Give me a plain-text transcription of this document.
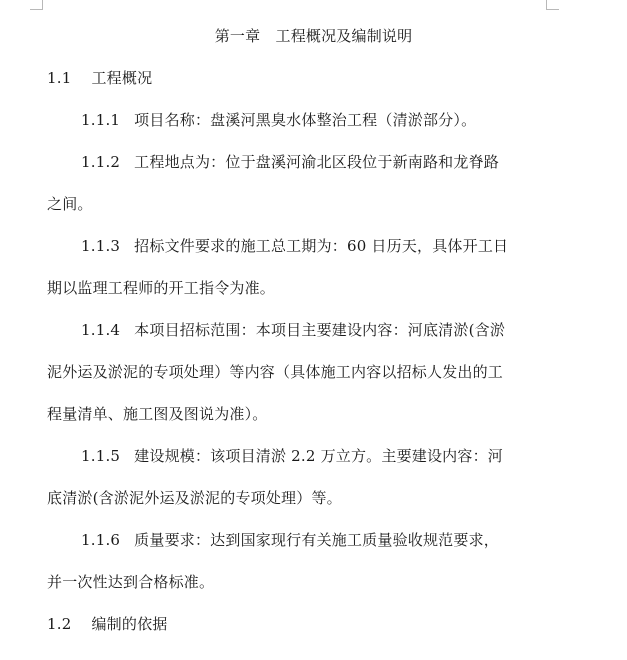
第一章　工程概况及编制说明
1.1 工程概况
1.1.1 项目名称：盘溪河黑臭水体整治工程（清淤部分）。
1.1.2 工程地点为：位于盘溪河渝北区段位于新南路和龙脊路
之间。
1.1.3 招标文件要求的施工总工期为：60 日历天，具体开工日
期以监理工程师的开工指令为准。
1.1.4 本项目招标范围：本项目主要建设内容：河底清淤(含淤
泥外运及淤泥的专项处理）等内容（具体施工内容以招标人发出的工
程量清单、施工图及图说为准）。
1.1.5 建设规模：该项目清淤 2.2 万立方。主要建设内容：河
底清淤(含淤泥外运及淤泥的专项处理）等。
1.1.6 质量要求：达到国家现行有关施工质量验收规范要求，
并一次性达到合格标准。
1.2 编制的依据
